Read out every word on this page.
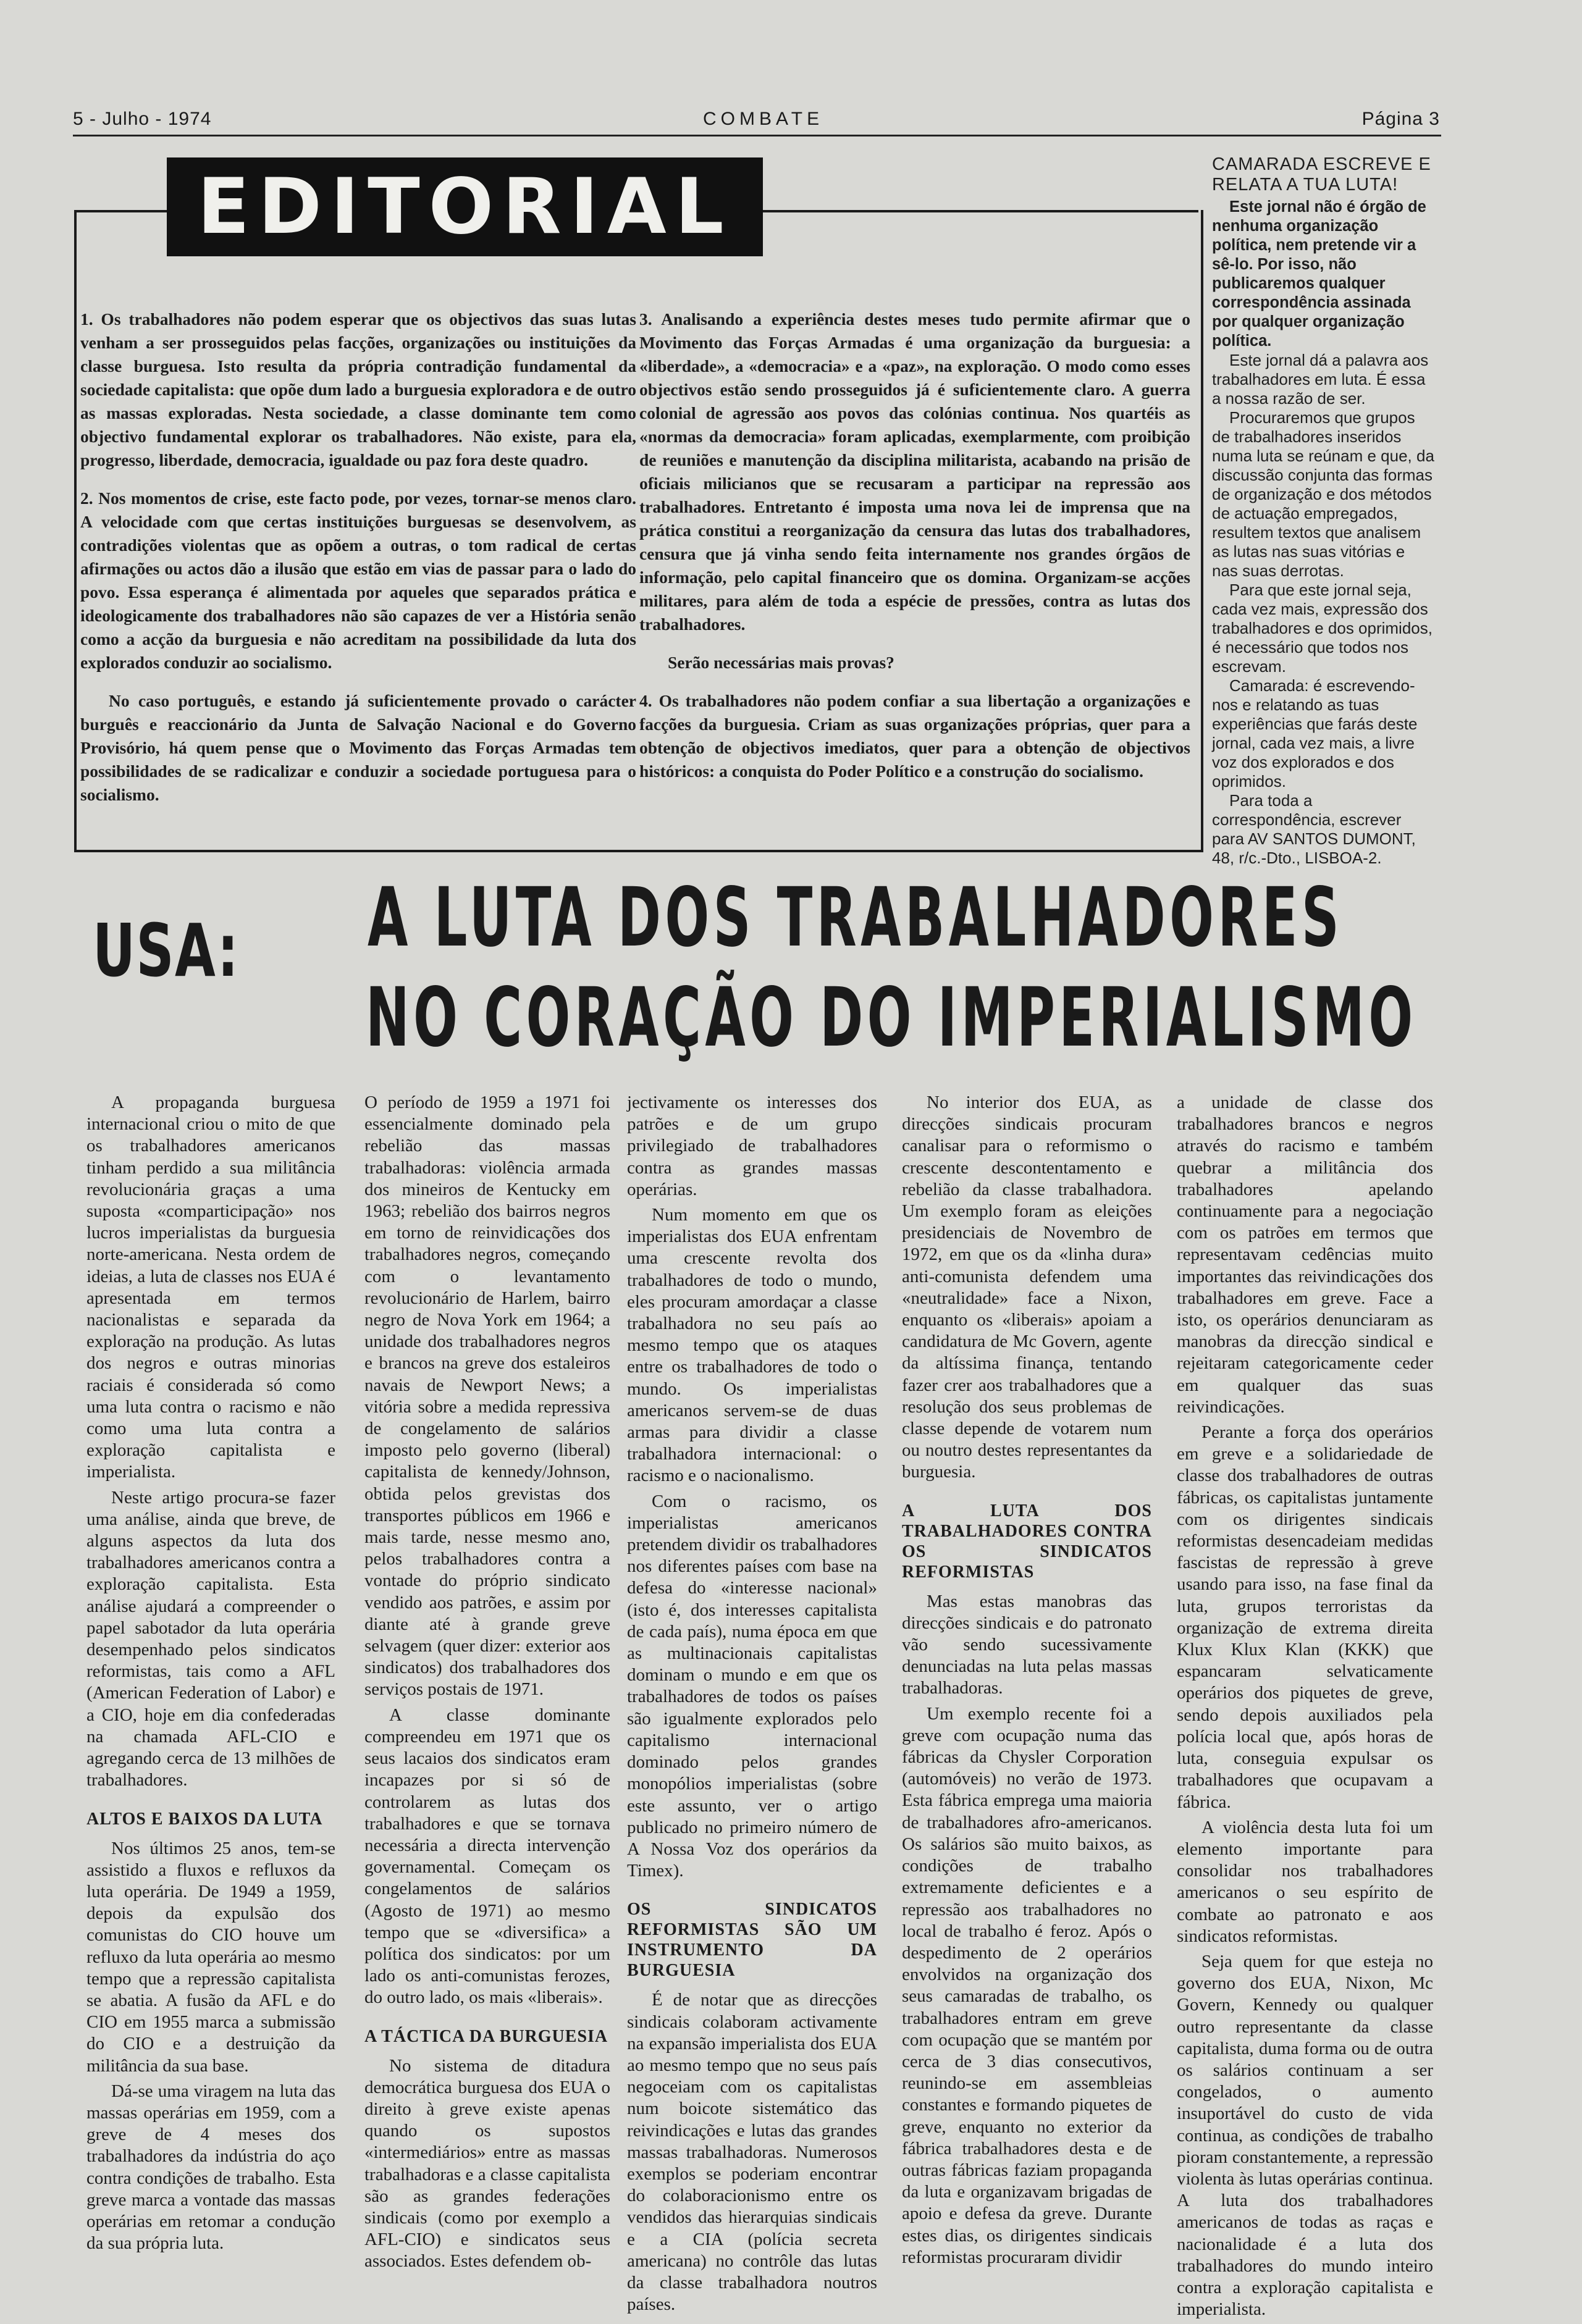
5 - Julho - 1974	COMBATE	Página 3
EDITORIAL

1. Os trabalhadores não podem esperar que os objectivos das suas lutas venham a ser prosseguidos pelas facções, organizações ou instituições da classe burguesa. Isto resulta da própria contradição fundamental da sociedade capitalista: que opõe dum lado a burguesia exploradora e de outro as massas exploradas. Nesta sociedade, a classe dominante tem como objectivo fundamental explorar os trabalhadores. Não existe, para ela, progresso, liberdade, democracia, igualdade ou paz fora deste quadro.

2. Nos momentos de crise, este facto pode, por vezes, tornar-se menos claro. A velocidade com que certas instituições burguesas se desenvolvem, as contradições violentas que as opõem a outras, o tom radical de certas afirmações ou actos dão a ilusão que estão em vias de passar para o lado do povo. Essa esperança é alimentada por aqueles que separados prática e ideologicamente dos trabalhadores não são capazes de ver a História senão como a acção da burguesia e não acreditam na possibilidade da luta dos explorados conduzir ao socialismo.

No caso português, e estando já suficientemente provado o carácter burguês e reaccionário da Junta de Salvação Nacional e do Governo Provisório, há quem pense que o Movimento das Forças Armadas tem possibilidades de se radicalizar e conduzir a sociedade portuguesa para o socialismo.

3. Analisando a experiência destes meses tudo permite afirmar que o Movimento das Forças Armadas é uma organização da burguesia: a «liberdade», a «democracia» e a «paz», na exploração. O modo como esses objectivos estão sendo prosseguidos já é suficientemente claro. A guerra colonial de agressão aos povos das colónias continua. Nos quartéis as «normas da democracia» foram aplicadas, exemplarmente, com proibição de reuniões e manutenção da disciplina militarista, acabando na prisão de oficiais milicianos que se recusaram a participar na repressão aos trabalhadores. Entretanto é imposta uma nova lei de imprensa que na prática constitui a reorganização da censura das lutas dos trabalhadores, censura que já vinha sendo feita internamente nos grandes órgãos de informação, pelo capital financeiro que os domina. Organizam-se acções militares, para além de toda a espécie de pressões, contra as lutas dos trabalhadores.

Serão necessárias mais provas?

4. Os trabalhadores não podem confiar a sua libertação a organizações e facções da burguesia. Criam as suas organizações próprias, quer para a obtenção de objectivos imediatos, quer para a obtenção de objectivos históricos: a conquista do Poder Político e a construção do socialismo.

CAMARADA ESCREVE E RELATA A TUA LUTA!

Este jornal não é órgão de nenhuma organização política, nem pretende vir a sê-lo. Por isso, não publicaremos qualquer correspondência assinada por qualquer organização política.

Este jornal dá a palavra aos trabalhadores em luta. É essa a nossa razão de ser.

Procuraremos que grupos de trabalhadores inseridos numa luta se reúnam e que, da discussão conjunta das formas de organização e dos métodos de actuação empregados, resultem textos que analisem as lutas nas suas vitórias e nas suas derrotas.

Para que este jornal seja, cada vez mais, expressão dos trabalhadores e dos oprimidos, é necessário que todos nos escrevam.

Camarada: é escrevendo-nos e relatando as tuas experiências que farás deste jornal, cada vez mais, a livre voz dos explorados e dos oprimidos.

Para toda a correspondência, escrever para AV SANTOS DUMONT, 48, r/c.-Dto., LISBOA-2.

USA: A LUTA DOS TRABALHADORES
NO CORAÇÃO DO IMPERIALISMO

A propaganda burguesa internacional criou o mito de que os trabalhadores americanos tinham perdido a sua militância revolucionária graças a uma suposta «comparticipação» nos lucros imperialistas da burguesia norte-americana. Nesta ordem de ideias, a luta de classes nos EUA é apresentada em termos nacionalistas e separada da exploração na produção. As lutas dos negros e outras minorias raciais é considerada só como uma luta contra o racismo e não como uma luta contra a exploração capitalista e imperialista.

Neste artigo procura-se fazer uma análise, ainda que breve, de alguns aspectos da luta dos trabalhadores americanos contra a exploração capitalista. Esta análise ajudará a compreender o papel sabotador da luta operária desempenhado pelos sindicatos reformistas, tais como a AFL (American Federation of Labor) e a CIO, hoje em dia confederadas na chamada AFL-CIO e agregando cerca de 13 milhões de trabalhadores.

ALTOS E BAIXOS DA LUTA

Nos últimos 25 anos, tem-se assistido a fluxos e refluxos da luta operária. De 1949 a 1959, depois da expulsão dos comunistas do CIO houve um refluxo da luta operária ao mesmo tempo que a repressão capitalista se abatia. A fusão da AFL e do CIO em 1955 marca a submissão do CIO e a destruição da militância da sua base.

Dá-se uma viragem na luta das massas operárias em 1959, com a greve de 4 meses dos trabalhadores da indústria do aço contra condições de trabalho. Esta greve marca a vontade das massas operárias em retomar a condução da sua própria luta.

O período de 1959 a 1971 foi essencialmente dominado pela rebelião das massas trabalhadoras: violência armada dos mineiros de Kentucky em 1963; rebelião dos bairros negros em torno de reinvidicações dos trabalhadores negros, começando com o levantamento revolucionário de Harlem, bairro negro de Nova York em 1964; a unidade dos trabalhadores negros e brancos na greve dos estaleiros navais de Newport News; a vitória sobre a medida repressiva de congelamento de salários imposto pelo governo (liberal) capitalista de kennedy/Johnson, obtida pelos grevistas dos transportes públicos em 1966 e mais tarde, nesse mesmo ano, pelos trabalhadores contra a vontade do próprio sindicato vendido aos patrões, e assim por diante até à grande greve selvagem (quer dizer: exterior aos sindicatos) dos trabalhadores dos serviços postais de 1971.

A classe dominante compreendeu em 1971 que os seus lacaios dos sindicatos eram incapazes por si só de controlarem as lutas dos trabalhadores e que se tornava necessária a directa intervenção governamental. Começam os congelamentos de salários (Agosto de 1971) ao mesmo tempo que se «diversifica» a política dos sindicatos: por um lado os anti-comunistas ferozes, do outro lado, os mais «liberais».

A TÁCTICA DA BURGUESIA

No sistema de ditadura democrática burguesa dos EUA o direito à greve existe apenas quando os supostos «intermediários» entre as massas trabalhadoras e a classe capitalista são as grandes federações sindicais (como por exemplo a AFL-CIO) e sindicatos seus associados. Estes defendem ob-

jectivamente os interesses dos patrões e de um grupo privilegiado de trabalhadores contra as grandes massas operárias.

Num momento em que os imperialistas dos EUA enfrentam uma crescente revolta dos trabalhadores de todo o mundo, eles procuram amordaçar a classe trabalhadora no seu país ao mesmo tempo que os ataques entre os trabalhadores de todo o mundo. Os imperialistas americanos servem-se de duas armas para dividir a classe trabalhadora internacional: o racismo e o nacionalismo.

Com o racismo, os imperialistas americanos pretendem dividir os trabalhadores nos diferentes países com base na defesa do «interesse nacional» (isto é, dos interesses capitalista de cada país), numa época em que as multinacionais capitalistas dominam o mundo e em que os trabalhadores de todos os países são igualmente explorados pelo capitalismo internacional dominado pelos grandes monopólios imperialistas (sobre este assunto, ver o artigo publicado no primeiro número de A Nossa Voz dos operários da Timex).

OS SINDICATOS REFORMISTAS SÃO UM INSTRUMENTO DA BURGUESIA

É de notar que as direcções sindicais colaboram activamente na expansão imperialista dos EUA ao mesmo tempo que no seus país negoceiam com os capitalistas num boicote sistemático das reivindicações e lutas das grandes massas trabalhadoras. Numerosos exemplos se poderiam encontrar do colaboracionismo entre os vendidos das hierarquias sindicais e a CIA (polícia secreta americana) no contrôle das lutas da classe trabalhadora noutros países.

No interior dos EUA, as direcções sindicais procuram canalisar para o reformismo o crescente descontentamento e rebelião da classe trabalhadora. Um exemplo foram as eleições presidenciais de Novembro de 1972, em que os da «linha dura» anti-comunista defendem uma «neutralidade» face a Nixon, enquanto os «liberais» apoiam a candidatura de Mc Govern, agente da altíssima finança, tentando fazer crer aos trabalhadores que a resolução dos seus problemas de classe depende de votarem num ou noutro destes representantes da burguesia.

A LUTA DOS TRABALHADORES CONTRA OS SINDICATOS REFORMISTAS

Mas estas manobras das direcções sindicais e do patronato vão sendo sucessivamente denunciadas na luta pelas massas trabalhadoras.

Um exemplo recente foi a greve com ocupação numa das fábricas da Chysler Corporation (automóveis) no verão de 1973. Esta fábrica emprega uma maioria de trabalhadores afro-americanos. Os salários são muito baixos, as condições de trabalho extremamente deficientes e a repressão aos trabalhadores no local de trabalho é feroz. Após o despedimento de 2 operários envolvidos na organização dos seus camaradas de trabalho, os trabalhadores entram em greve com ocupação que se mantém por cerca de 3 dias consecutivos, reunindo-se em assembleias constantes e formando piquetes de greve, enquanto no exterior da fábrica trabalhadores desta e de outras fábricas faziam propaganda da luta e organizavam brigadas de apoio e defesa da greve. Durante estes dias, os dirigentes sindicais reformistas procuraram dividir

a unidade de classe dos trabalhadores brancos e negros através do racismo e também quebrar a militância dos trabalhadores apelando continuamente para a negociação com os patrões em termos que representavam cedências muito importantes das reivindicações dos trabalhadores em greve. Face a isto, os operários denunciaram as manobras da direcção sindical e rejeitaram categoricamente ceder em qualquer das suas reivindicações.

Perante a força dos operários em greve e a solidariedade de classe dos trabalhadores de outras fábricas, os capitalistas juntamente com os dirigentes sindicais reformistas desencadeiam medidas fascistas de repressão à greve usando para isso, na fase final da luta, grupos terroristas da organização de extrema direita Klux Klux Klan (KKK) que espancaram selvaticamente operários dos piquetes de greve, sendo depois auxiliados pela polícia local que, após horas de luta, conseguia expulsar os trabalhadores que ocupavam a fábrica.

A violência desta luta foi um elemento importante para consolidar nos trabalhadores americanos o seu espírito de combate ao patronato e aos sindicatos reformistas.

Seja quem for que esteja no governo dos EUA, Nixon, Mc Govern, Kennedy ou qualquer outro representante da classe capitalista, duma forma ou de outra os salários continuam a ser congelados, o aumento insuportável do custo de vida continua, as condições de trabalho pioram constantemente, a repressão violenta às lutas operárias continua. A luta dos trabalhadores americanos de todas as raças e nacionalidade é a luta dos trabalhadores do mundo inteiro contra a exploração capitalista e imperialista.
